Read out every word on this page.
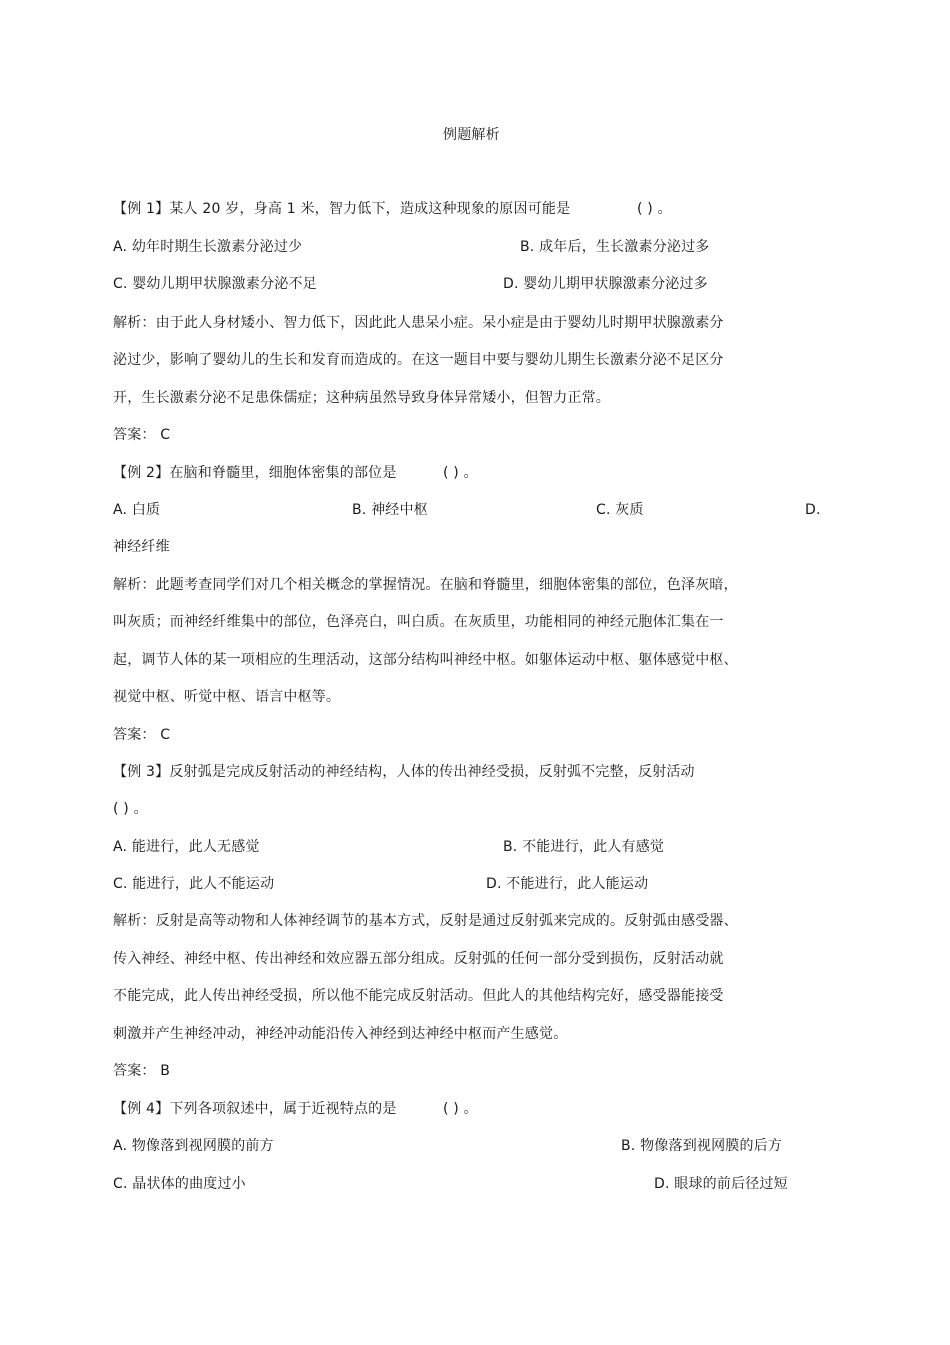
例题解析
【例 1】某人 20 岁，身高 1 米，智力低下，造成这种现象的原因可能是	( ) 。
A. 幼年时期生长激素分泌过少	B. 成年后，生长激素分泌过多
C. 婴幼儿期甲状腺激素分泌不足	D. 婴幼儿期甲状腺激素分泌过多
解析：由于此人身材矮小、智力低下，因此此人患呆小症。呆小症是由于婴幼儿时期甲状腺激素分
泌过少，影响了婴幼儿的生长和发育而造成的。在这一题目中要与婴幼儿期生长激素分泌不足区分
开，生长激素分泌不足患侏儒症；这种病虽然导致身体异常矮小，但智力正常。
答案： C
【例 2】在脑和脊髓里，细胞体密集的部位是	( ) 。
A. 白质	B. 神经中枢	C. 灰质	D.
神经纤维
解析：此题考查同学们对几个相关概念的掌握情况。在脑和脊髓里，细胞体密集的部位，色泽灰暗，
叫灰质；而神经纤维集中的部位，色泽亮白，叫白质。在灰质里，功能相同的神经元胞体汇集在一
起，调节人体的某一项相应的生理活动，这部分结构叫神经中枢。如躯体运动中枢、躯体感觉中枢、
视觉中枢、听觉中枢、语言中枢等。
答案： C
【例 3】反射弧是完成反射活动的神经结构，人体的传出神经受损，反射弧不完整，反射活动
( ) 。
A. 能进行，此人无感觉	B. 不能进行，此人有感觉
C. 能进行，此人不能运动	D. 不能进行，此人能运动
解析：反射是高等动物和人体神经调节的基本方式，反射是通过反射弧来完成的。反射弧由感受器、
传入神经、神经中枢、传出神经和效应器五部分组成。反射弧的任何一部分受到损伤，反射活动就
不能完成，此人传出神经受损，所以他不能完成反射活动。但此人的其他结构完好，感受器能接受
刺激并产生神经冲动，神经冲动能沿传入神经到达神经中枢而产生感觉。
答案： B
【例 4】下列各项叙述中，属于近视特点的是	( ) 。
A. 物像落到视网膜的前方	B. 物像落到视网膜的后方
C. 晶状体的曲度过小	D. 眼球的前后径过短
